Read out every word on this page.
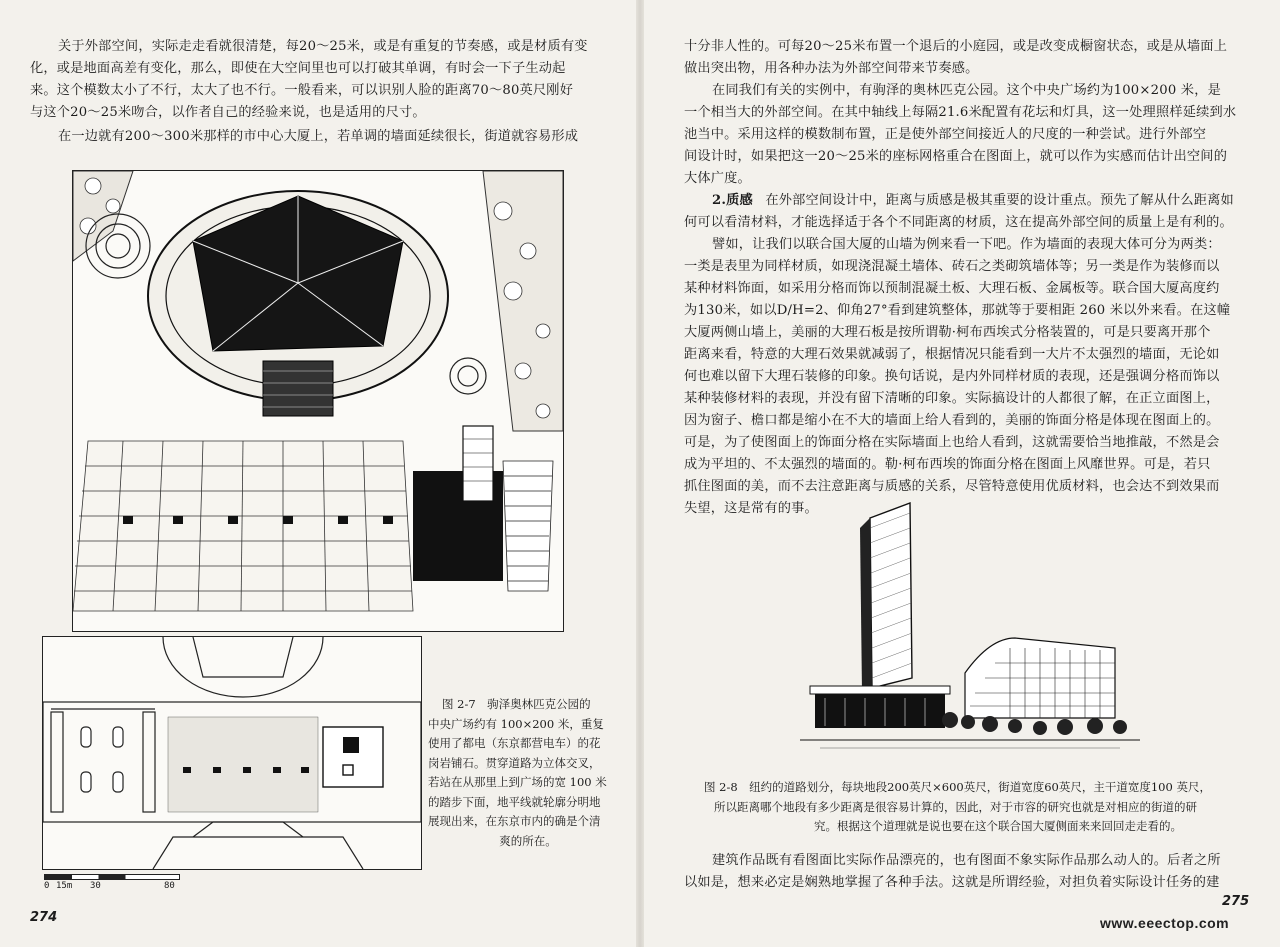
关于外部空间，实际走走看就很清楚，每20～25米，或是有重复的节奏感，或是材质有变
化，或是地面高差有变化，那么，即使在大空间里也可以打破其单调，有时会一下子生动起
来。这个模数太小了不行，太大了也不行。一般看来，可以识别人脸的距离70～80英尺刚好
与这个20～25米吻合，以作者自己的经验来说，也是适用的尺寸。

在一边就有200～300米那样的市中心大厦上，若单调的墙面延续很长，街道就容易形成

0 15m 30	80

图 2-7　驹泽奥林匹克公园的
中央广场约有 100×200 米，重复
使用了都电（东京都营电车）的花
岗岩铺石。贯穿道路为立体交叉，
若站在从那里上到广场的宽 100 米
的踏步下面，地平线就轮廓分明地
展现出来，在东京市内的确是个清
爽的所在。

274

十分非人性的。可每20～25米布置一个退后的小庭园，或是改变成橱窗状态，或是从墙面上
做出突出物，用各种办法为外部空间带来节奏感。

在同我们有关的实例中，有驹泽的奥林匹克公园。这个中央广场约为100×200 米，是
一个相当大的外部空间。在其中轴线上每隔21.6米配置有花坛和灯具，这一处理照样延续到水
池当中。采用这样的模数制布置，正是使外部空间接近人的尺度的一种尝试。进行外部空
间设计时，如果把这一20～25米的座标网格重合在图面上，就可以作为实感而估计出空间的
大体广度。

2.质感 在外部空间设计中，距离与质感是极其重要的设计重点。预先了解从什么距离如
何可以看清材料，才能选择适于各个不同距离的材质，这在提高外部空间的质量上是有利的。

譬如，让我们以联合国大厦的山墙为例来看一下吧。作为墙面的表现大体可分为两类：
一类是表里为同样材质，如现浇混凝土墙体、砖石之类砌筑墙体等；另一类是作为装修而以
某种材料饰面，如采用分格而饰以预制混凝土板、大理石板、金属板等。联合国大厦高度约
为130米，如以D/H=2、仰角27°看到建筑整体，那就等于要相距 260 米以外来看。在这幢
大厦两侧山墙上，美丽的大理石板是按所谓勒·柯布西埃式分格装置的，可是只要离开那个
距离来看，特意的大理石效果就减弱了，根据情况只能看到一大片不太强烈的墙面，无论如
何也难以留下大理石装修的印象。换句话说，是内外同样材质的表现，还是强调分格而饰以
某种装修材料的表现，并没有留下清晰的印象。实际搞设计的人都很了解，在正立面图上，
因为窗子、檐口都是缩小在不大的墙面上给人看到的，美丽的饰面分格是体现在图面上的。
可是，为了使图面上的饰面分格在实际墙面上也给人看到，这就需要恰当地推敲，不然是会
成为平坦的、不太强烈的墙面的。勒·柯布西埃的饰面分格在图面上风靡世界。可是，若只
抓住图面的美，而不去注意距离与质感的关系，尽管特意使用优质材料，也会达不到效果而
失望，这是常有的事。

图 2-8　纽约的道路划分，每块地段200英尺×600英尺，街道宽度60英尺，主干道宽度100 英尺，
所以距离哪个地段有多少距离是很容易计算的，因此，对于市容的研究也就是对相应的街道的研
究。根据这个道理就是说也要在这个联合国大厦侧面来来回回走走看的。

建筑作品既有看图面比实际作品漂亮的，也有图面不象实际作品那么动人的。后者之所
以如是，想来必定是娴熟地掌握了各种手法。这就是所谓经验，对担负着实际设计任务的建

275
www.eeectop.com
